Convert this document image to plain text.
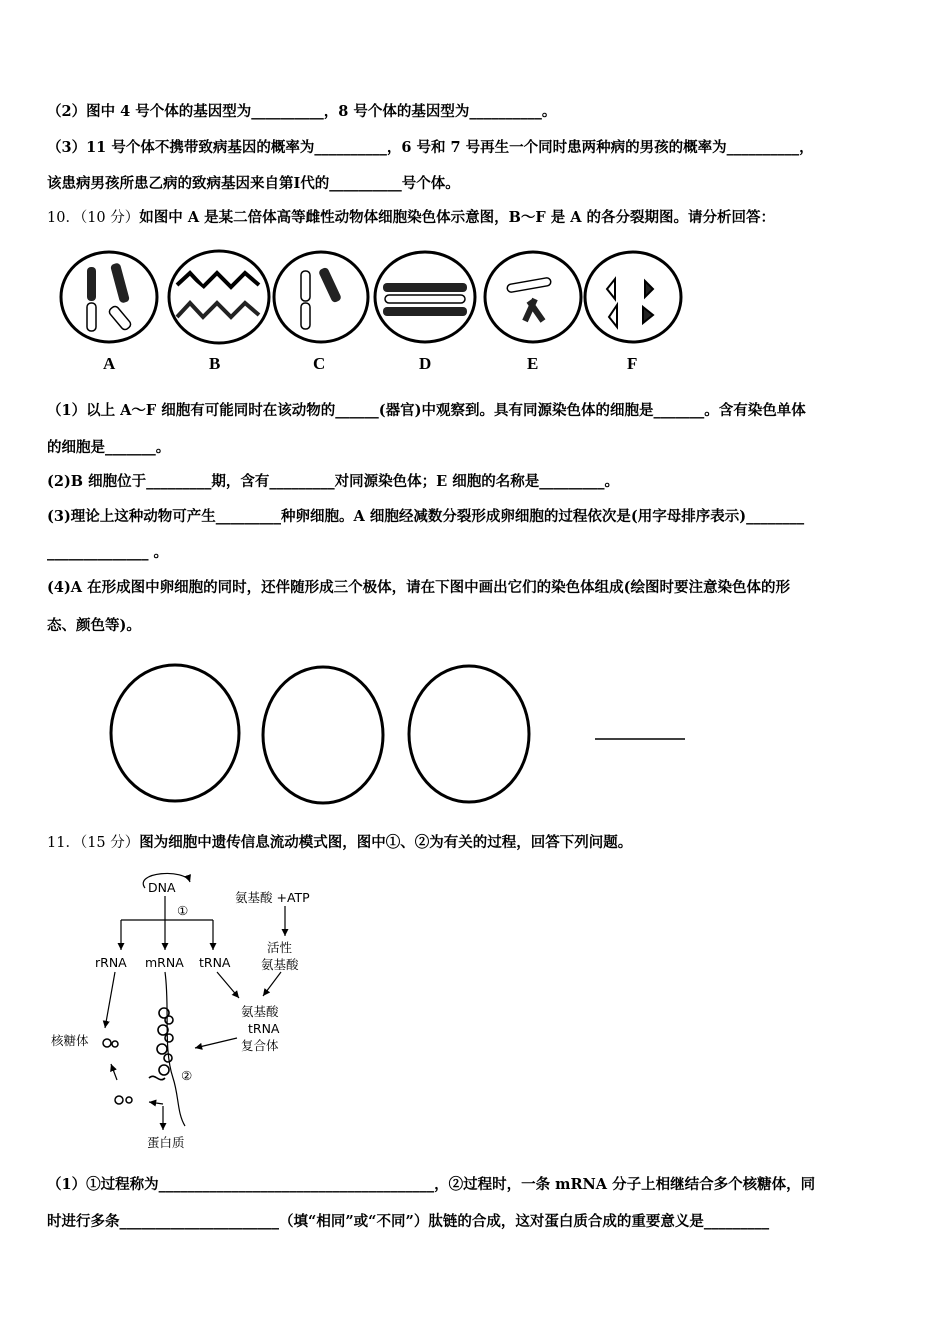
（2）图中 4 号个体的基因型为__________，8 号个体的基因型为__________。
（3）11 号个体不携带致病基因的概率为__________，6 号和 7 号再生一个同时患两种病的男孩的概率为__________，
该患病男孩所患乙病的致病基因来自第Ⅰ代的__________号个体。
10．（10 分）如图中 A 是某二倍体高等雌性动物体细胞染色体示意图，B～F 是 A 的各分裂期图。请分析回答：
A	B	C	D	E	F
（1）以上 A～F 细胞有可能同时在该动物的______(器官)中观察到。具有同源染色体的细胞是_______。含有染色单体
的细胞是_______。
(2)B 细胞位于_________期，含有_________对同源染色体；E 细胞的名称是_________。
(3)理论上这种动物可产生_________种卵细胞。A 细胞经减数分裂形成卵细胞的过程依次是(用字母排序表示)________
______________ 。
(4)A 在形成图中卵细胞的同时，还伴随形成三个极体，请在下图中画出它们的染色体组成(绘图时要注意染色体的形
态、颜色等)。
11．（15 分）图为细胞中遗传信息流动模式图，图中①、②为有关的过程，回答下列问题。
DNA
①
氨基酸 +ATP
活性
氨基酸
rRNA mRNA tRNA
氨基酸
tRNA
复合体
核糖体
②
蛋白质
（1）①过程称为______________________________________，②过程时，一条 mRNA 分子上相继结合多个核糖体，同
时进行多条______________________（填“相同”或“不同”）肽链的合成，这对蛋白质合成的重要意义是_________
